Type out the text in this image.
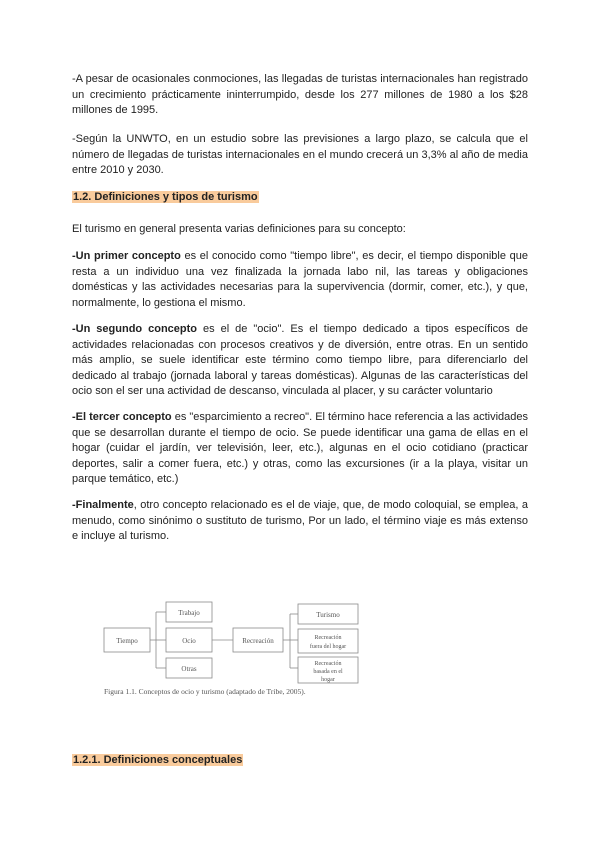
-A pesar de ocasionales conmociones, las llegadas de turistas internacionales han registrado un crecimiento prácticamente ininterrumpido, desde los 277 millones de 1980 a los $28 millones de 1995.

-Según la UNWTO, en un estudio sobre las previsiones a largo plazo, se calcula que el número de llegadas de turistas internacionales en el mundo crecerá un 3,3% al año de media entre 2010 y 2030.

1.2. Definiciones y tipos de turismo

El turismo en general presenta varias definiciones para su concepto:

-Un primer concepto es el conocido como "tiempo libre", es decir, el tiempo disponible que resta a un individuo una vez finalizada la jornada labo nil, las tareas y obligaciones domésticas y las actividades necesarias para la supervivencia (dormir, comer, etc.), y que, normalmente, lo gestiona el mismo.

-Un segundo concepto es el de "ocio". Es el tiempo dedicado a tipos específicos de actividades relacionadas con procesos creativos y de diversión, entre otras. En un sentido más amplio, se suele identificar este término como tiempo libre, para diferenciarlo del dedicado al trabajo (jornada laboral y tareas domésticas). Algunas de las características del ocio son el ser una actividad de descanso, vinculada al placer, y su carácter voluntario

-El tercer concepto es "esparcimiento a recreo". El término hace referencia a las actividades que se desarrollan durante el tiempo de ocio. Se puede identificar una gama de ellas en el hogar (cuidar el jardín, ver televisión, leer, etc.), algunas en el ocio cotidiano (practicar deportes, salir a comer fuera, etc.) y otras, como las excursiones (ir a la playa, visitar un parque temático, etc.)

-Finalmente, otro concepto relacionado es el de viaje, que, de modo coloquial, se emplea, a menudo, como sinónimo o sustituto de turismo, Por un lado, el término viaje es más extenso e incluye al turismo.

Tiempo
Trabajo
Ocio
Otras
Recreación
Turismo
Recreación
fuera del hogar
Recreación
basada en el
hogar
Figura 1.1. Conceptos de ocio y turismo (adaptado de Tribe, 2005).
1.2.1. Definiciones conceptuales
